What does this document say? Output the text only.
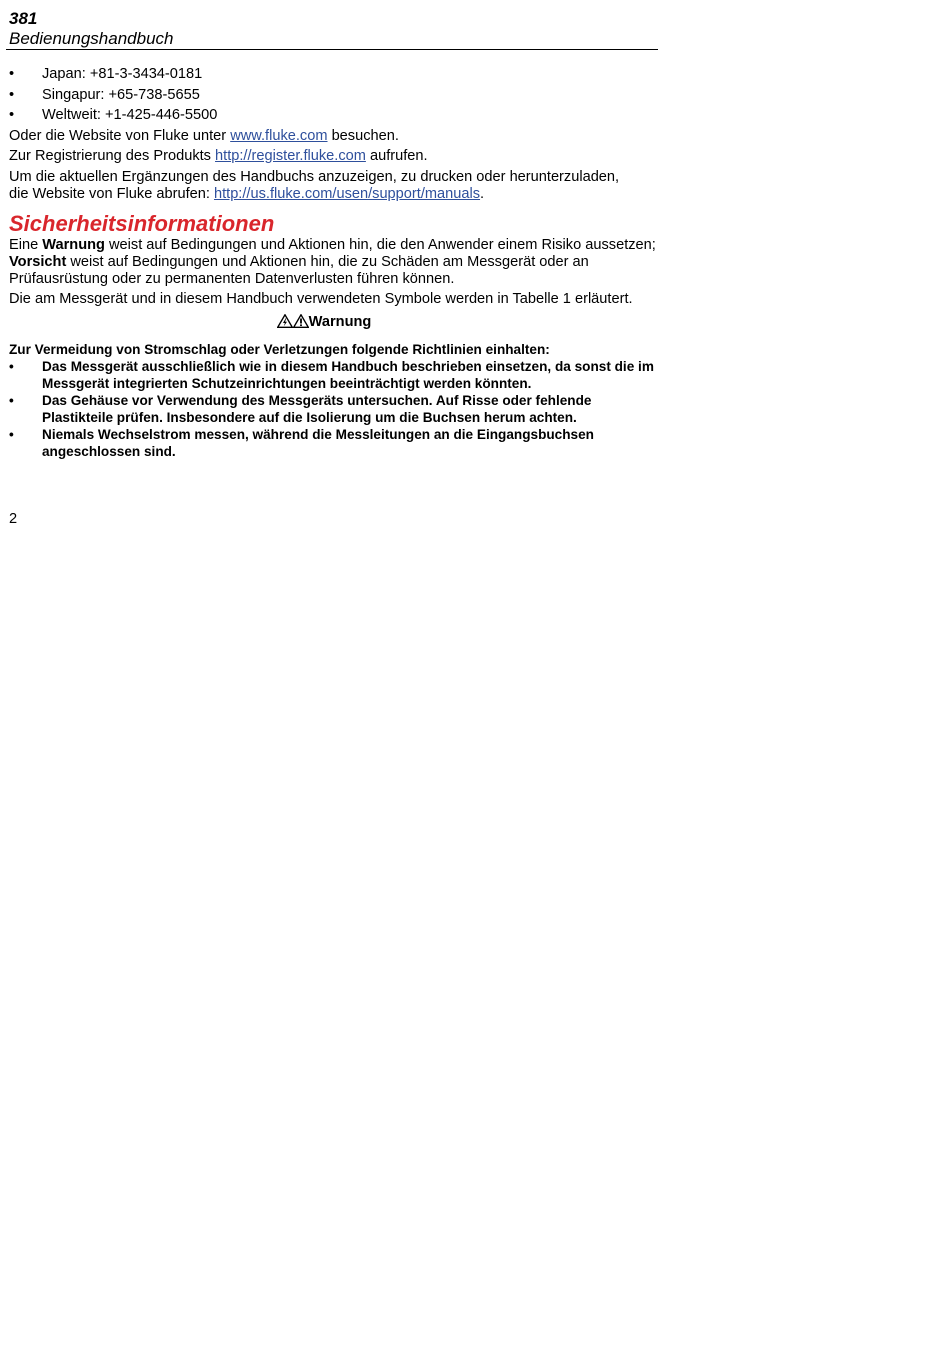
381
Bedienungshandbuch
• Japan: +81-3-3434-0181
• Singapur: +65-738-5655
• Weltweit: +1-425-446-5500

Oder die Website von Fluke unter www.fluke.com besuchen.

Zur Registrierung des Produkts http://register.fluke.com aufrufen.

Um die aktuellen Ergänzungen des Handbuchs anzuzeigen, zu drucken oder herunterzuladen,
die Website von Fluke abrufen: http://us.fluke.com/usen/support/manuals.

Sicherheitsinformationen

Eine Warnung weist auf Bedingungen und Aktionen hin, die den Anwender einem Risiko aussetzen; Vorsicht weist auf Bedingungen und Aktionen hin, die zu Schäden am Messgerät oder an Prüfausrüstung oder zu permanenten Datenverlusten führen können.

Die am Messgerät und in diesem Handbuch verwendeten Symbole werden in Tabelle 1 erläutert.

Warnung

Zur Vermeidung von Stromschlag oder Verletzungen folgende Richtlinien einhalten:

• Das Messgerät ausschließlich wie in diesem Handbuch beschrieben einsetzen, da sonst die im Messgerät integrierten Schutzeinrichtungen beeinträchtigt werden könnten.
• Das Gehäuse vor Verwendung des Messgeräts untersuchen. Auf Risse oder fehlende Plastikteile prüfen. Insbesondere auf die Isolierung um die Buchsen herum achten.
• Niemals Wechselstrom messen, während die Messleitungen an die Eingangsbuchsen angeschlossen sind.
2
